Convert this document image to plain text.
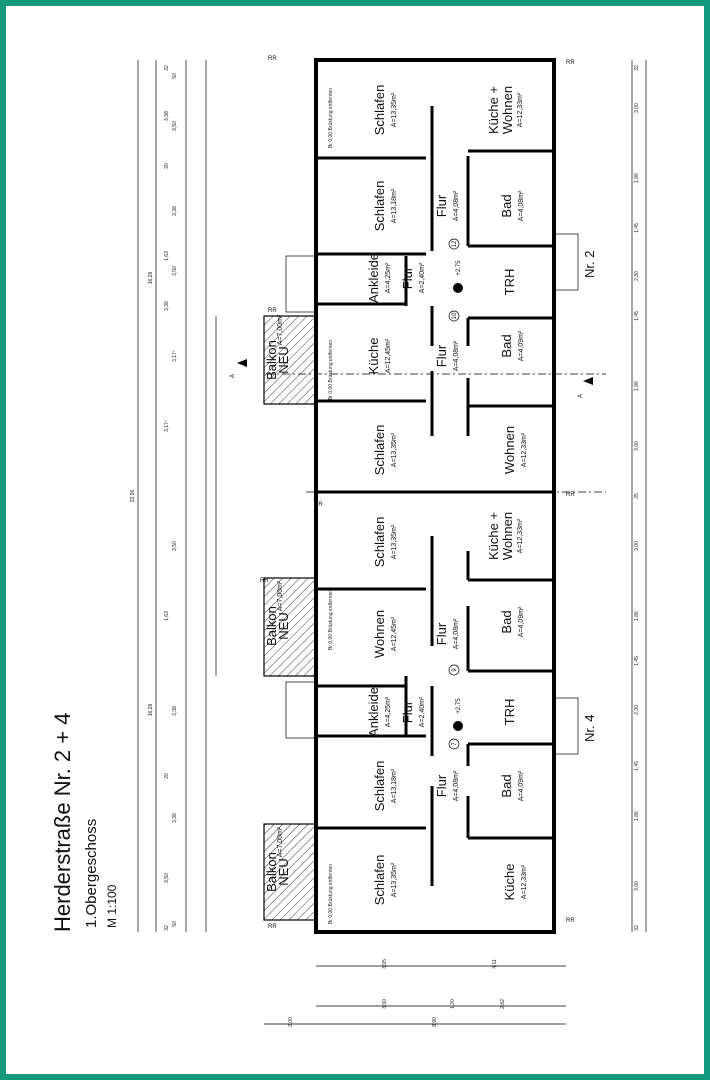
Schlafen A=13,35m²	Küche + Wohnen A=12,33m²
Schlafen A=13,18m²	Flur A=4,08m²	Bad A=4,08m²
Ankleide A=4,25m² Flur A=2,40m²	TRH
Küche A=12,45m²	Flur A=4,08m²	Bad A=4,09m²
Schlafen A=13,35m²	Wohnen A=12,33m²
Schlafen A=13,35m²	Küche + Wohnen A=12,33m²
Wohnen A=12,45m²	Flur A=4,08m²	Bad A=4,09m²
Ankleide A=4,25m² Flur A=2,40m²	TRH
Schlafen A=13,18m²	Flur A=4,08m²	Bad A=4,09m²
Schlafen A=13,35m²	Küche A=12,33m²
Balkon
NEU
A=7,00m²
Balkon
NEU
A=7,00m²
Balkon
NEU
A=7,00m²
12
10
9
7
+2,75
+2,75
32
50
3,38
3,50
20
3,38
1,63
3,50
3,38
3,17⁵
3,17⁵
3,50
1,63
3,38
20
3,38
3,50
50
32
16,28
32,56
16,28
32
3,00
1,86
1,45
2,30
1,45
1,86
3,00
25
3,00
1,86
1,45
2,30
1,45
1,86
3,00
32
3,95	4,11
3,90	1,20	2,82
8,90
2,00
RR
RR
RR
RR
RR
RR
RR
RR
Br 0,00 Brüstung entfernen
Br 0,00 Brüstung entfernen
Br 0,00 Brüstung entfernen
Br 0,00 Brüstung entfernen
A
A
Nr. 2
Nr. 4
Herderstraße Nr. 2 + 4 1.Obergeschoss M 1:100
